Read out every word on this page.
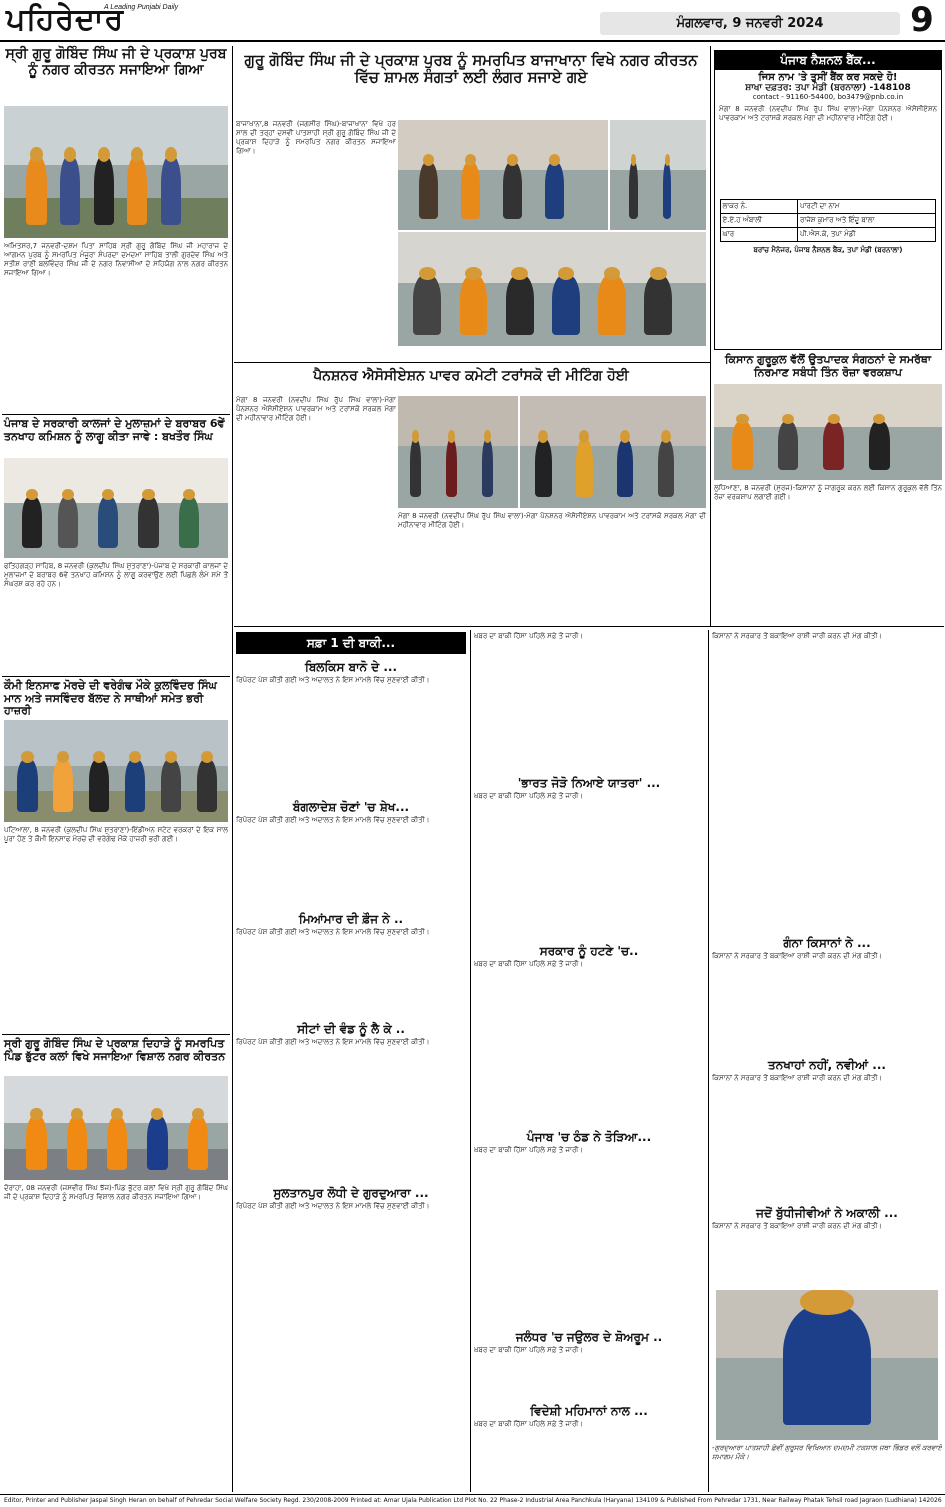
ਪਹਿਰੇਦਾਰ
A Leading Punjabi Daily
ਮੰਗਲਵਾਰ, 9 ਜਨਵਰੀ 2024	9
ਸ੍ਰੀ ਗੁਰੂ ਗੋਬਿੰਦ ਸਿੰਘ ਜੀ ਦੇ ਪ੍ਰਕਾਸ਼ ਪੁਰਬ ਨੂੰ ਨਗਰ ਕੀਰਤਨ ਸਜਾਇਆ ਗਿਆ
ਅਮਿਤਸਰ,7 ਜਨਵਰੀ-ਦਸ਼ਮ ਪਿਤਾ ਸਾਹਿਬ ਸ੍ਰੀ ਗੁਰੂ ਗੋਬਿੰਦ ਸਿੰਘ ਜੀ ਮਹਾਰਾਜ ਦੇ ਆਗਮਨ ਪੁਰਬ ਨੂੰ ਸਮਰਪਿਤ ਮੰਜੂਰਾ ਸੰਪਰਦਾ ਦਮਦਮਾ ਸਾਹਿਬ ਤਾਲੀ ਗੁਰਦੇਵ ਸਿੰਘ ਅਤੇ ਸਤੀਸ਼ ਰਾਣੀ ਬਲਵਿੰਦਰ ਸਿੰਘ ਜੀ ਦੇ ਨਗਰ ਨਿਵਾਸੀਆਂ ਦੇ ਸਹਿਯੋਗ ਨਾਲ ਨਗਰ ਕੀਰਤਨ ਸਜਾਇਆ ਗਿਆ।
ਪੰਜਾਬ ਦੇ ਸਰਕਾਰੀ ਕਾਲਜਾਂ ਦੇ ਮੁਲਾਜ਼ਮਾਂ ਦੇ ਬਰਾਬਰ 6ਵੇਂ ਤਨਖਾਹ ਕਮਿਸ਼ਨ ਨੂੰ ਲਾਗੂ ਕੀਤਾ ਜਾਵੇ : ਬਖਤੌਰ ਸਿੰਘ
ਫਤਿਹਗੜ੍ਹ ਸਾਹਿਬ, 8 ਜਨਵਰੀ (ਕੁਲਦੀਪ ਸਿੰਘ ਸ਼ੁਤਰਾਣਾ)-ਪੰਜਾਬ ਦੇ ਸਰਕਾਰੀ ਕਾਲਜਾਂ ਦੇ ਮੁਲਾਜ਼ਮਾਂ ਦੇ ਬਰਾਬਰ 6ਵੇਂ ਤਨਖਾਹ ਕਮਿਸ਼ਨ ਨੂੰ ਲਾਗੂ ਕਰਵਾਉਣ ਲਈ ਪਿਛਲੇ ਲੰਮੇ ਸਮੇਂ ਤੋਂ ਸੰਘਰਸ਼ ਕਰ ਰਹੇ ਹਨ।
ਕੌਮੀ ਇਨਸਾਫ ਮੋਰਚੇ ਦੀ ਵਰੇਗੰਢ ਮੌਕੇ ਕੁਲਵਿੰਦਰ ਸਿੰਘ ਮਾਨ ਅਤੇ ਜਸਵਿੰਦਰ ਬੱਲਦ ਨੇ ਸਾਥੀਆਂ ਸਮੇਤ ਭਰੀ ਹਾਜ਼ਰੀ
ਪਟਿਆਲਾ, 8 ਜਨਵਰੀ (ਕੁਲਦੀਪ ਸਿੰਘ ਸ਼ੁਤਰਾਣਾ)-ਇੰਡੀਅਨ ਸਟੇਟ ਵਰਕਰਾਂ ਦੇ ਇਕ ਸਾਲ ਪੂਰਾ ਹੋਣ ਤੇ ਕੌਮੀ ਇਨਸਾਫ ਮੋਰਚੇ ਦੀ ਵਰੇਗੰਢ ਮੌਕੇ ਹਾਜ਼ਰੀ ਭਰੀ ਗਈ।
ਸ੍ਰੀ ਗੁਰੂ ਗੋਬਿੰਦ ਸਿੰਘ ਦੇ ਪ੍ਰਕਾਸ਼ ਦਿਹਾੜੇ ਨੂੰ ਸਮਰਪਿਤ ਪਿੰਡ ਭੁੱਟਰ ਕਲਾਂ ਵਿਖੇ ਸਜਾਇਆ ਵਿਸ਼ਾਲ ਨਗਰ ਕੀਰਤਨ
ਦੋਰਾਹਾ, 08 ਜਨਵਰੀ (ਜਸਵੀਰ ਸਿੰਘ ਝੱਜ)-ਪਿੰਡ ਭੁੱਟਰ ਕਲਾਂ ਵਿਖੇ ਸ੍ਰੀ ਗੁਰੂ ਗੋਬਿੰਦ ਸਿੰਘ ਜੀ ਦੇ ਪ੍ਰਕਾਸ਼ ਦਿਹਾੜੇ ਨੂੰ ਸਮਰਪਿਤ ਵਿਸ਼ਾਲ ਨਗਰ ਕੀਰਤਨ ਸਜਾਇਆ ਗਿਆ।
ਗੁਰੂ ਗੋਬਿੰਦ ਸਿੰਘ ਜੀ ਦੇ ਪ੍ਰਕਾਸ਼ ਪੁਰਬ ਨੂੰ ਸਮਰਪਿਤ ਬਾਜਾਖਾਨਾ ਵਿਖੇ ਨਗਰ ਕੀਰਤਨ ਵਿੱਚ ਸ਼ਾਮਲ ਸੰਗਤਾਂ ਲਈ ਲੰਗਰ ਸਜਾਏ ਗਏ
ਬਾਜਾਖਾਨਾ,8 ਜਨਵਰੀ (ਜਗਸੀਰ ਸਿੰਘ)-ਬਾਜਾਖਾਨਾ ਵਿਖੇ ਹਰ ਸਾਲ ਦੀ ਤਰ੍ਹਾਂ ਦਸਵੀਂ ਪਾਤਸ਼ਾਹੀ ਸ੍ਰੀ ਗੁਰੂ ਗੋਬਿੰਦ ਸਿੰਘ ਜੀ ਦੇ ਪ੍ਰਕਾਸ਼ ਦਿਹਾੜੇ ਨੂੰ ਸਮਰਪਿਤ ਨਗਰ ਕੀਰਤਨ ਸਜਾਇਆ ਗਿਆ।
ਪੈਨਸ਼ਨਰ ਐਸੋਸੀਏਸ਼ਨ ਪਾਵਰ ਕਮੇਟੀ ਟਰਾਂਸਕੋ ਦੀ ਮੀਟਿੰਗ ਹੋਈ
ਮੋਗਾ 8 ਜਨਵਰੀ (ਨਵਦੀਪ ਸਿੰਘ ਰੁੱਪ ਸਿੰਘ ਵਾਲਾ)-ਮੋਗਾ ਪੈਨਸ਼ਨਰ ਐਸੋਸੀਏਸ਼ਨ ਪਾਵਰਕਾਮ ਅਤੇ ਟਰਾਂਸਕੋ ਸਰਕਲ ਮੋਗਾ ਦੀ ਮਹੀਨਾਵਾਰ ਮੀਟਿੰਗ ਹੋਈ।
ਮੋਗਾ 8 ਜਨਵਰੀ (ਨਵਦੀਪ ਸਿੰਘ ਰੁੱਪ ਸਿੰਘ ਵਾਲਾ)-ਮੋਗਾ ਪੈਨਸ਼ਨਰ ਐਸੋਸੀਏਸ਼ਨ ਪਾਵਰਕਾਮ ਅਤੇ ਟਰਾਂਸਕੋ ਸਰਕਲ ਮੋਗਾ ਦੀ ਮਹੀਨਾਵਾਰ ਮੀਟਿੰਗ ਹੋਈ।
ਪੰਜਾਬ ਨੈਸ਼ਨਲ ਬੈਂਕ...
ਜਿਸ ਨਾਮ 'ਤੇ ਤੁਸੀਂ ਬੈਂਕ ਕਰ ਸਕਦੇ ਹੋ!
ਸ਼ਾਖਾ ਦਫ਼ਤਰ: ਤਪਾ ਮੰਡੀ (ਬਰਨਾਲਾ) -148108
contact - 91160-54400, bo3479@pnb.co.in
ਮੋਗਾ 8 ਜਨਵਰੀ (ਨਵਦੀਪ ਸਿੰਘ ਰੁੱਪ ਸਿੰਘ ਵਾਲਾ)-ਮੋਗਾ ਪੈਨਸ਼ਨਰ ਐਸੋਸੀਏਸ਼ਨ ਪਾਵਰਕਾਮ ਅਤੇ ਟਰਾਂਸਕੋ ਸਰਕਲ ਮੋਗਾ ਦੀ ਮਹੀਨਾਵਾਰ ਮੀਟਿੰਗ ਹੋਈ।
ਲਾਕਰ ਨੰ.	ਪਾਰਟੀ ਦਾ ਨਾਮ
ਏ.ਏ.ਹ ਅੰਬਾਲੀ	ਰਾਜੇਸ਼ ਕੁਮਾਰ ਅਤੇ ਇੰਦੂ ਬਾਲਾ
ਘਾਰ	ਪੀ.ਐਸ.ਕੇ, ਤਪਾ ਮੰਡੀ
ਬਰਾਂਚ ਮੈਨੇਜਰ, ਪੰਜਾਬ ਨੈਸ਼ਨਲ ਬੈਂਕ, ਤਪਾ ਮੰਡੀ (ਬਰਨਾਲਾ)
ਕਿਸਾਨ ਗੁਰੂਕੁਲ ਵੱਲੋਂ ਉਤਪਾਦਕ ਸੰਗਠਨਾਂ ਦੇ ਸਮਰੱਥਾ ਨਿਰਮਾਣ ਸਬੰਧੀ ਤਿੰਨ ਰੋਜ਼ਾ ਵਰਕਸ਼ਾਪ
ਲੁਧਿਆਣਾ, 8 ਜਨਵਰੀ (ਸੁਰਜ)-ਕਿਸਾਨਾਂ ਨੂੰ ਜਾਗਰੂਕ ਕਰਨ ਲਈ ਕਿਸਾਨ ਗੁਰੂਕੁਲ ਵੱਲੋਂ ਤਿੰਨ ਰੋਜ਼ਾ ਵਰਕਸ਼ਾਪ ਲਗਾਈ ਗਈ।
ਸਫ਼ਾ 1 ਦੀ ਬਾਕੀ...
ਬਿਲਕਿਸ ਬਾਨੋ ਦੇ ...
ਰਿਪੋਰਟ ਪੇਸ਼ ਕੀਤੀ ਗਈ ਅਤੇ ਅਦਾਲਤ ਨੇ ਇਸ ਮਾਮਲੇ ਵਿੱਚ ਸੁਣਵਾਈ ਕੀਤੀ।
ਬੰਗਲਾਦੇਸ਼ ਚੋਣਾਂ 'ਚ ਸ਼ੇਖ...
ਰਿਪੋਰਟ ਪੇਸ਼ ਕੀਤੀ ਗਈ ਅਤੇ ਅਦਾਲਤ ਨੇ ਇਸ ਮਾਮਲੇ ਵਿੱਚ ਸੁਣਵਾਈ ਕੀਤੀ।
ਮਿਆਂਮਾਰ ਦੀ ਫ਼ੌਜ ਨੇ ..
ਰਿਪੋਰਟ ਪੇਸ਼ ਕੀਤੀ ਗਈ ਅਤੇ ਅਦਾਲਤ ਨੇ ਇਸ ਮਾਮਲੇ ਵਿੱਚ ਸੁਣਵਾਈ ਕੀਤੀ।
ਸੀਟਾਂ ਦੀ ਵੰਡ ਨੂੰ ਲੈ ਕੇ ..
ਰਿਪੋਰਟ ਪੇਸ਼ ਕੀਤੀ ਗਈ ਅਤੇ ਅਦਾਲਤ ਨੇ ਇਸ ਮਾਮਲੇ ਵਿੱਚ ਸੁਣਵਾਈ ਕੀਤੀ।
ਸੁਲਤਾਨਪੁਰ ਲੋਧੀ ਦੇ ਗੁਰਦੁਆਰਾ ...
ਰਿਪੋਰਟ ਪੇਸ਼ ਕੀਤੀ ਗਈ ਅਤੇ ਅਦਾਲਤ ਨੇ ਇਸ ਮਾਮਲੇ ਵਿੱਚ ਸੁਣਵਾਈ ਕੀਤੀ।
ਖ਼ਬਰ ਦਾ ਬਾਕੀ ਹਿੱਸਾ ਪਹਿਲੇ ਸਫ਼ੇ ਤੋਂ ਜਾਰੀ।
'ਭਾਰਤ ਜੋੜੋ ਨਿਆਏ ਯਾਤਰਾ' ...
ਖ਼ਬਰ ਦਾ ਬਾਕੀ ਹਿੱਸਾ ਪਹਿਲੇ ਸਫ਼ੇ ਤੋਂ ਜਾਰੀ।
ਸਰਕਾਰ ਨੂੰ ਹਟਣੇ 'ਚ..
ਖ਼ਬਰ ਦਾ ਬਾਕੀ ਹਿੱਸਾ ਪਹਿਲੇ ਸਫ਼ੇ ਤੋਂ ਜਾਰੀ।
ਪੰਜਾਬ 'ਚ ਠੰਡ ਨੇ ਤੋੜਿਆ...
ਖ਼ਬਰ ਦਾ ਬਾਕੀ ਹਿੱਸਾ ਪਹਿਲੇ ਸਫ਼ੇ ਤੋਂ ਜਾਰੀ।
ਜਲੰਧਰ 'ਚ ਜਉਲਰ ਦੇ ਸ਼ੋਅਰੂਮ ..
ਖ਼ਬਰ ਦਾ ਬਾਕੀ ਹਿੱਸਾ ਪਹਿਲੇ ਸਫ਼ੇ ਤੋਂ ਜਾਰੀ।
ਵਿਦੇਸ਼ੀ ਮਹਿਮਾਨਾਂ ਨਾਲ ...
ਖ਼ਬਰ ਦਾ ਬਾਕੀ ਹਿੱਸਾ ਪਹਿਲੇ ਸਫ਼ੇ ਤੋਂ ਜਾਰੀ।
ਕਿਸਾਨਾਂ ਨੇ ਸਰਕਾਰ ਤੋਂ ਬਕਾਇਆ ਰਾਸ਼ੀ ਜਾਰੀ ਕਰਨ ਦੀ ਮੰਗ ਕੀਤੀ।
ਗੰਨਾ ਕਿਸਾਨਾਂ ਨੇ ...
ਕਿਸਾਨਾਂ ਨੇ ਸਰਕਾਰ ਤੋਂ ਬਕਾਇਆ ਰਾਸ਼ੀ ਜਾਰੀ ਕਰਨ ਦੀ ਮੰਗ ਕੀਤੀ।
ਤਨਖਾਹਾਂ ਨਹੀਂ, ਨਵੀਆਂ ...
ਕਿਸਾਨਾਂ ਨੇ ਸਰਕਾਰ ਤੋਂ ਬਕਾਇਆ ਰਾਸ਼ੀ ਜਾਰੀ ਕਰਨ ਦੀ ਮੰਗ ਕੀਤੀ।
ਜਦੋਂ ਬੁੱਧੀਜੀਵੀਆਂ ਨੇ ਅਕਾਲੀ ...
ਕਿਸਾਨਾਂ ਨੇ ਸਰਕਾਰ ਤੋਂ ਬਕਾਇਆ ਰਾਸ਼ੀ ਜਾਰੀ ਕਰਨ ਦੀ ਮੰਗ ਕੀਤੀ।
-ਗੁਰਦੁਆਰਾ ਪਾਤਸ਼ਾਹੀ ਛੇਵੀਂ ਗੁਰੂਸਰ ਵਿਖਿਆਨ ਦਮਦਮੀ ਟਕਸਾਲ ਜਥਾ ਭਿੰਡਰ ਵਲੋਂ ਕਰਵਾਏ ਸਮਾਗਮ ਮੌਕੇ।
Editor, Printer and Publisher Jaspal Singh Heran on behalf of Pehredar Social Welfare Society Regd. 230/2008-2009 Printed at: Amar Ujala Publication Ltd Plot No. 22 Phase-2 Industrial Area Panchkula (Haryana) 134109 & Published From Pehredar 1731, Near Railway Phatak Tehsil road Jagraon (Ludhiana) 142026
